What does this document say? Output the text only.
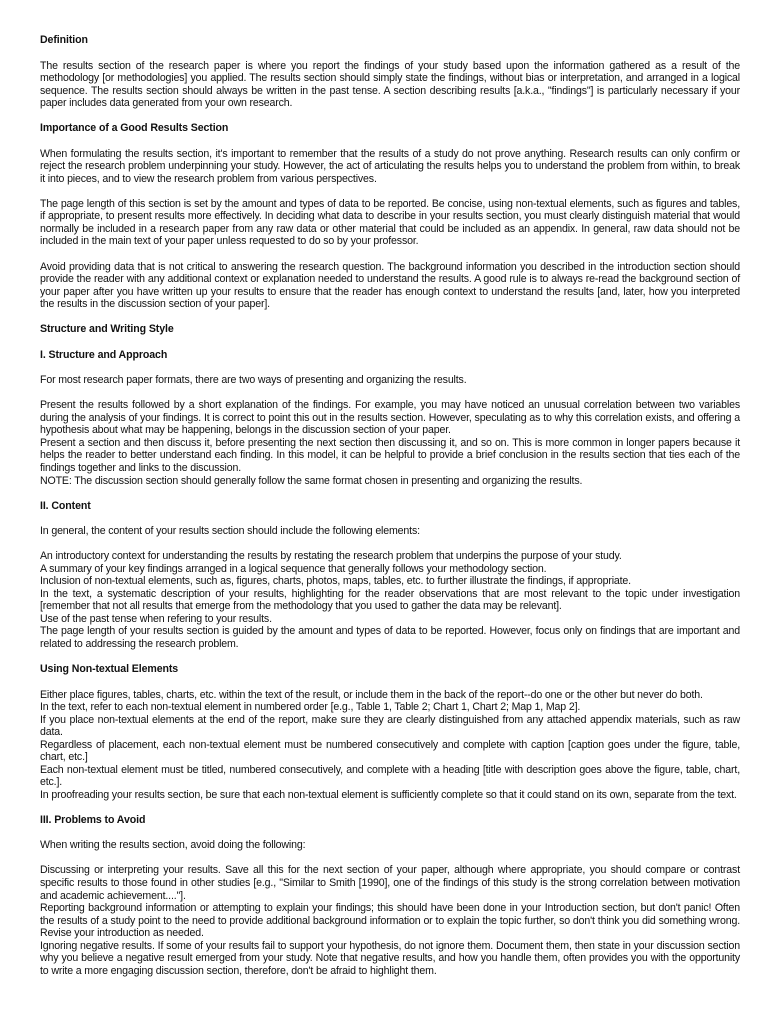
Definition
The results section of the research paper is where you report the findings of your study based upon the information gathered as a result of the methodology [or methodologies] you applied. The results section should simply state the findings, without bias or interpretation, and arranged in a logical sequence. The results section should always be written in the past tense. A section describing results [a.k.a., "findings"] is particularly necessary if your paper includes data generated from your own research.
Importance of a Good Results Section
When formulating the results section, it's important to remember that the results of a study do not prove anything. Research results can only confirm or reject the research problem underpinning your study. However, the act of articulating the results helps you to understand the problem from within, to break it into pieces, and to view the research problem from various perspectives.
The page length of this section is set by the amount and types of data to be reported. Be concise, using non-textual elements, such as figures and tables, if appropriate, to present results more effectively. In deciding what data to describe in your results section, you must clearly distinguish material that would normally be included in a research paper from any raw data or other material that could be included as an appendix. In general, raw data should not be included in the main text of your paper unless requested to do so by your professor.
Avoid providing data that is not critical to answering the research question. The background information you described in the introduction section should provide the reader with any additional context or explanation needed to understand the results. A good rule is to always re-read the background section of your paper after you have written up your results to ensure that the reader has enough context to understand the results [and, later, how you interpreted the results in the discussion section of your paper].
Structure and Writing Style
I. Structure and Approach
For most research paper formats, there are two ways of presenting and organizing the results.
Present the results followed by a short explanation of the findings. For example, you may have noticed an unusual correlation between two variables during the analysis of your findings. It is correct to point this out in the results section. However, speculating as to why this correlation exists, and offering a hypothesis about what may be happening, belongs in the discussion section of your paper.
Present a section and then discuss it, before presenting the next section then discussing it, and so on. This is more common in longer papers because it helps the reader to better understand each finding. In this model, it can be helpful to provide a brief conclusion in the results section that ties each of the findings together and links to the discussion.
NOTE: The discussion section should generally follow the same format chosen in presenting and organizing the results.
II. Content
In general, the content of your results section should include the following elements:
An introductory context for understanding the results by restating the research problem that underpins the purpose of your study.
A summary of your key findings arranged in a logical sequence that generally follows your methodology section.
Inclusion of non-textual elements, such as, figures, charts, photos, maps, tables, etc. to further illustrate the findings, if appropriate.
In the text, a systematic description of your results, highlighting for the reader observations that are most relevant to the topic under investigation [remember that not all results that emerge from the methodology that you used to gather the data may be relevant].
Use of the past tense when refering to your results.
The page length of your results section is guided by the amount and types of data to be reported. However, focus only on findings that are important and related to addressing the research problem.
Using Non-textual Elements
Either place figures, tables, charts, etc. within the text of the result, or include them in the back of the report--do one or the other but never do both.
In the text, refer to each non-textual element in numbered order [e.g., Table 1, Table 2; Chart 1, Chart 2; Map 1, Map 2].
If you place non-textual elements at the end of the report, make sure they are clearly distinguished from any attached appendix materials, such as raw data.
Regardless of placement, each non-textual element must be numbered consecutively and complete with caption [caption goes under the figure, table, chart, etc.]
Each non-textual element must be titled, numbered consecutively, and complete with a heading [title with description goes above the figure, table, chart, etc.].
In proofreading your results section, be sure that each non-textual element is sufficiently complete so that it could stand on its own, separate from the text.
III. Problems to Avoid
When writing the results section, avoid doing the following:
Discussing or interpreting your results. Save all this for the next section of your paper, although where appropriate, you should compare or contrast specific results to those found in other studies [e.g., "Similar to Smith [1990], one of the findings of this study is the strong correlation between motivation and academic achievement...."].
Reporting background information or attempting to explain your findings; this should have been done in your Introduction section, but don't panic! Often the results of a study point to the need to provide additional background information or to explain the topic further, so don't think you did something wrong. Revise your introduction as needed.
Ignoring negative results. If some of your results fail to support your hypothesis, do not ignore them. Document them, then state in your discussion section why you believe a negative result emerged from your study. Note that negative results, and how you handle them, often provides you with the opportunity to write a more engaging discussion section, therefore, don't be afraid to highlight them.
